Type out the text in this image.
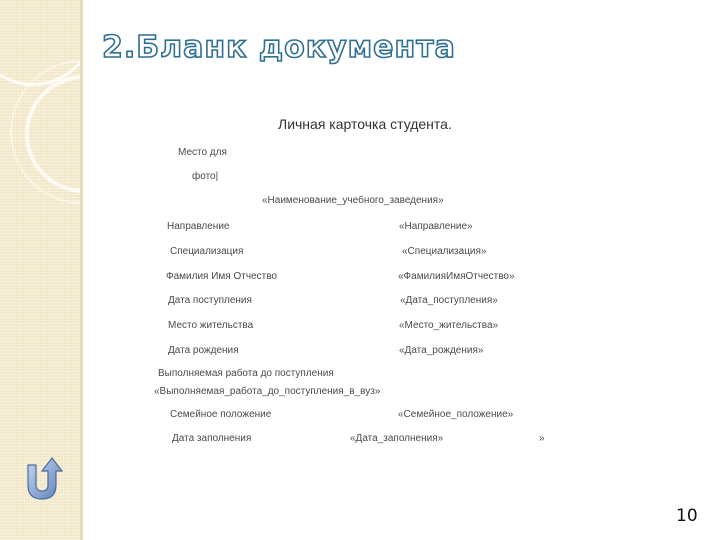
2.Бланк документа
Личная карточка студента.
Место для
фото|
«Наименование_учебного_заведения»
Направление	«Направление»
Специализация	«Специализация»
Фамилия Имя Отчество	«ФамилияИмяОтчество»
Дата поступления	«Дата_поступления»
Место жительства	«Место_жительства»
Дата рождения	«Дата_рождения»
Выполняемая работа до поступления
«Выполняемая_работа_до_поступления_в_вуз»
Семейное положение	«Семейное_положение»
Дата заполнения	«Дата_заполнения»	»
10
